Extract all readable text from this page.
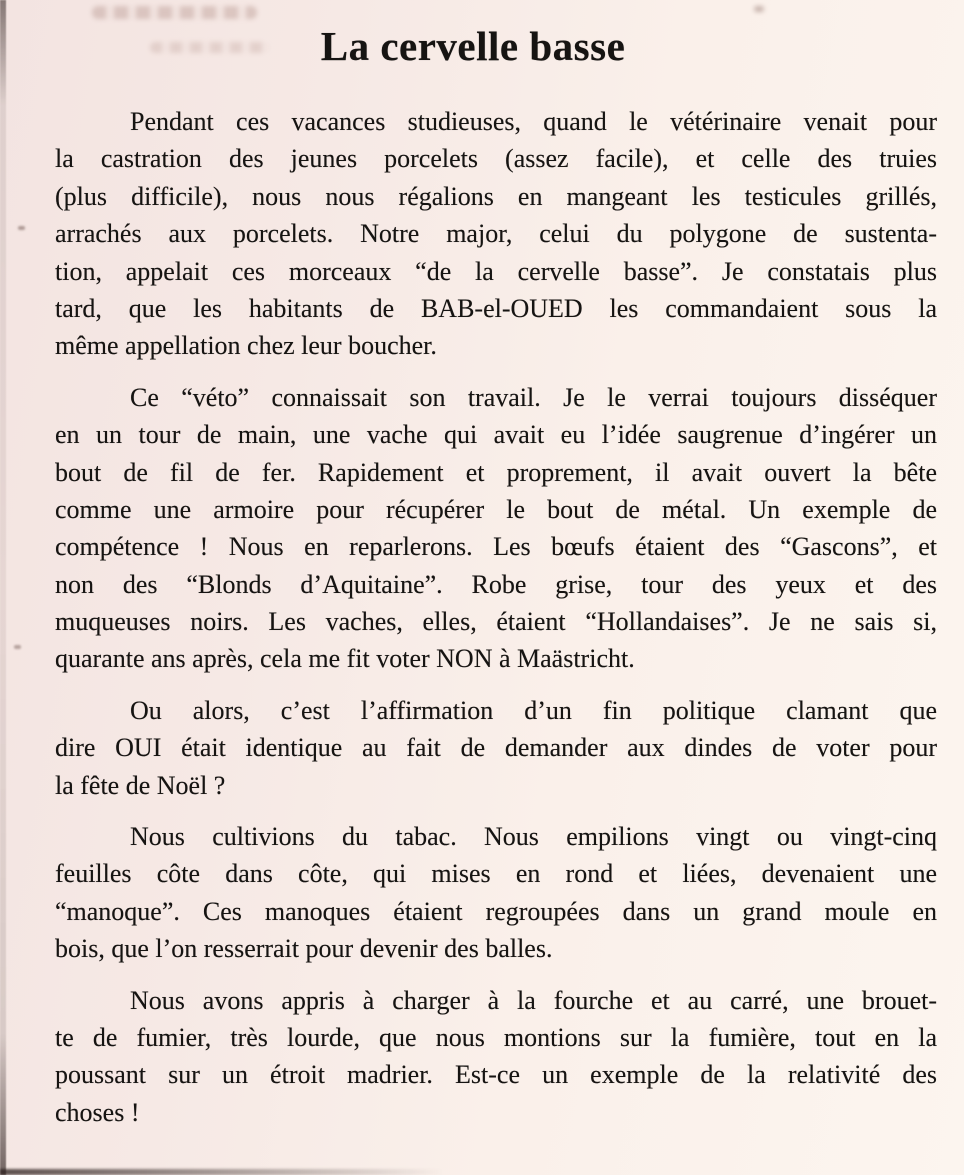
La cervelle basse
Pendant ces vacances studieuses, quand le vétérinaire venait pour
la castration des jeunes porcelets (assez facile), et celle des truies
(plus difficile), nous nous régalions en mangeant les testicules grillés,
arrachés aux porcelets. Notre major, celui du polygone de sustenta-
tion, appelait ces morceaux “de la cervelle basse”. Je constatais plus
tard, que les habitants de BAB-el-OUED les commandaient sous la
même appellation chez leur boucher.
Ce “véto” connaissait son travail. Je le verrai toujours disséquer
en un tour de main, une vache qui avait eu l’idée saugrenue d’ingérer un
bout de fil de fer. Rapidement et proprement, il avait ouvert la bête
comme une armoire pour récupérer le bout de métal. Un exemple de
compétence ! Nous en reparlerons. Les bœufs étaient des “Gascons”, et
non des “Blonds d’Aquitaine”. Robe grise, tour des yeux et des
muqueuses noirs. Les vaches, elles, étaient “Hollandaises”. Je ne sais si,
quarante ans après, cela me fit voter NON à Maästricht.
Ou alors, c’est l’affirmation d’un fin politique clamant que
dire OUI était identique au fait de demander aux dindes de voter pour
la fête de Noël ?
Nous cultivions du tabac. Nous empilions vingt ou vingt-cinq
feuilles côte dans côte, qui mises en rond et liées, devenaient une
“manoque”. Ces manoques étaient regroupées dans un grand moule en
bois, que l’on resserrait pour devenir des balles.
Nous avons appris à charger à la fourche et au carré, une brouet-
te de fumier, très lourde, que nous montions sur la fumière, tout en la
poussant sur un étroit madrier. Est-ce un exemple de la relativité des
choses !
